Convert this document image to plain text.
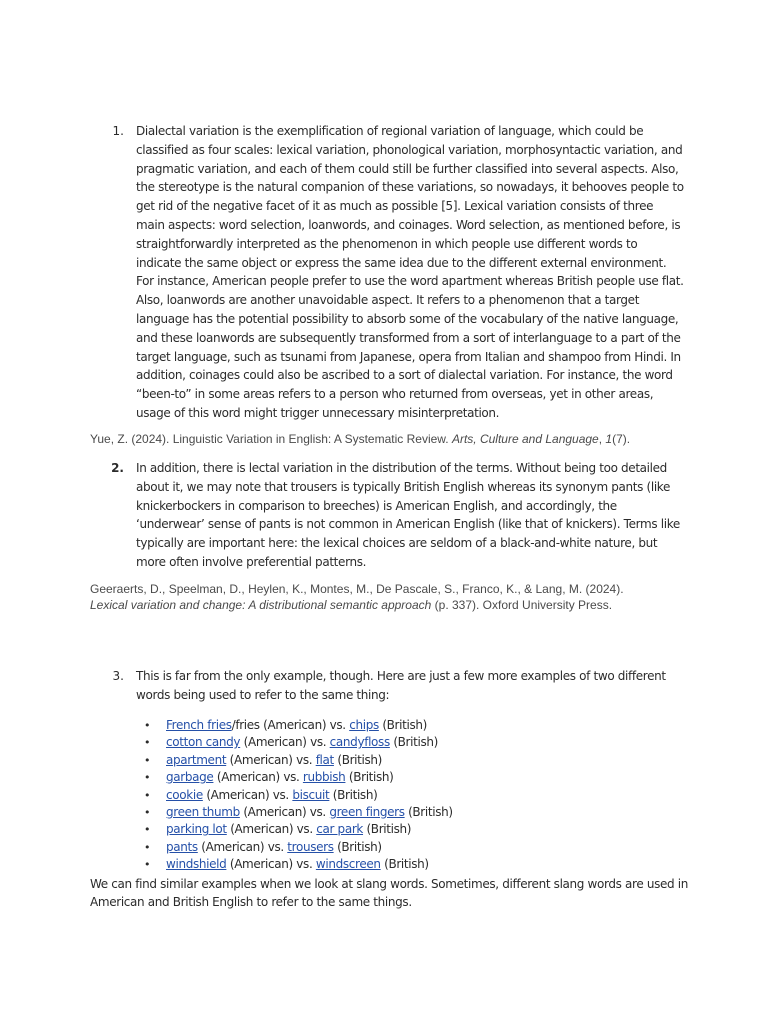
1. Dialectal variation is the exemplification of regional variation of language, which could be classified as four scales: lexical variation, phonological variation, morphosyntactic variation, and pragmatic variation, and each of them could still be further classified into several aspects. Also, the stereotype is the natural companion of these variations, so nowadays, it behooves people to get rid of the negative facet of it as much as possible [5]. Lexical variation consists of three main aspects: word selection, loanwords, and coinages. Word selection, as mentioned before, is straightforwardly interpreted as the phenomenon in which people use different words to indicate the same object or express the same idea due to the different external environment. For instance, American people prefer to use the word apartment whereas British people use flat. Also, loanwords are another unavoidable aspect. It refers to a phenomenon that a target language has the potential possibility to absorb some of the vocabulary of the native language, and these loanwords are subsequently transformed from a sort of interlanguage to a part of the target language, such as tsunami from Japanese, opera from Italian and shampoo from Hindi. In addition, coinages could also be ascribed to a sort of dialectal variation. For instance, the word “been-to” in some areas refers to a person who returned from overseas, yet in other areas, usage of this word might trigger unnecessary misinterpretation.

Yue, Z. (2024). Linguistic Variation in English: A Systematic Review. Arts, Culture and Language, 1(7).

2. In addition, there is lectal variation in the distribution of the terms. Without being too detailed about it, we may note that trousers is typically British English whereas its synonym pants (like knickerbockers in comparison to breeches) is American English, and accordingly, the ‘underwear’ sense of pants is not common in American English (like that of knickers). Terms like typically are important here: the lexical choices are seldom of a black-and-white nature, but more often involve preferential patterns.

Geeraerts, D., Speelman, D., Heylen, K., Montes, M., De Pascale, S., Franco, K., & Lang, M. (2024). Lexical variation and change: A distributional semantic approach (p. 337). Oxford University Press.

3. This is far from the only example, though. Here are just a few more examples of two different words being used to refer to the same thing:

• French fries/fries (American) vs. chips (British)
• cotton candy (American) vs. candyfloss (British)
• apartment (American) vs. flat (British)
• garbage (American) vs. rubbish (British)
• cookie (American) vs. biscuit (British)
• green thumb (American) vs. green fingers (British)
• parking lot (American) vs. car park (British)
• pants (American) vs. trousers (British)
• windshield (American) vs. windscreen (British)

We can find similar examples when we look at slang words. Sometimes, different slang words are used in American and British English to refer to the same things.
